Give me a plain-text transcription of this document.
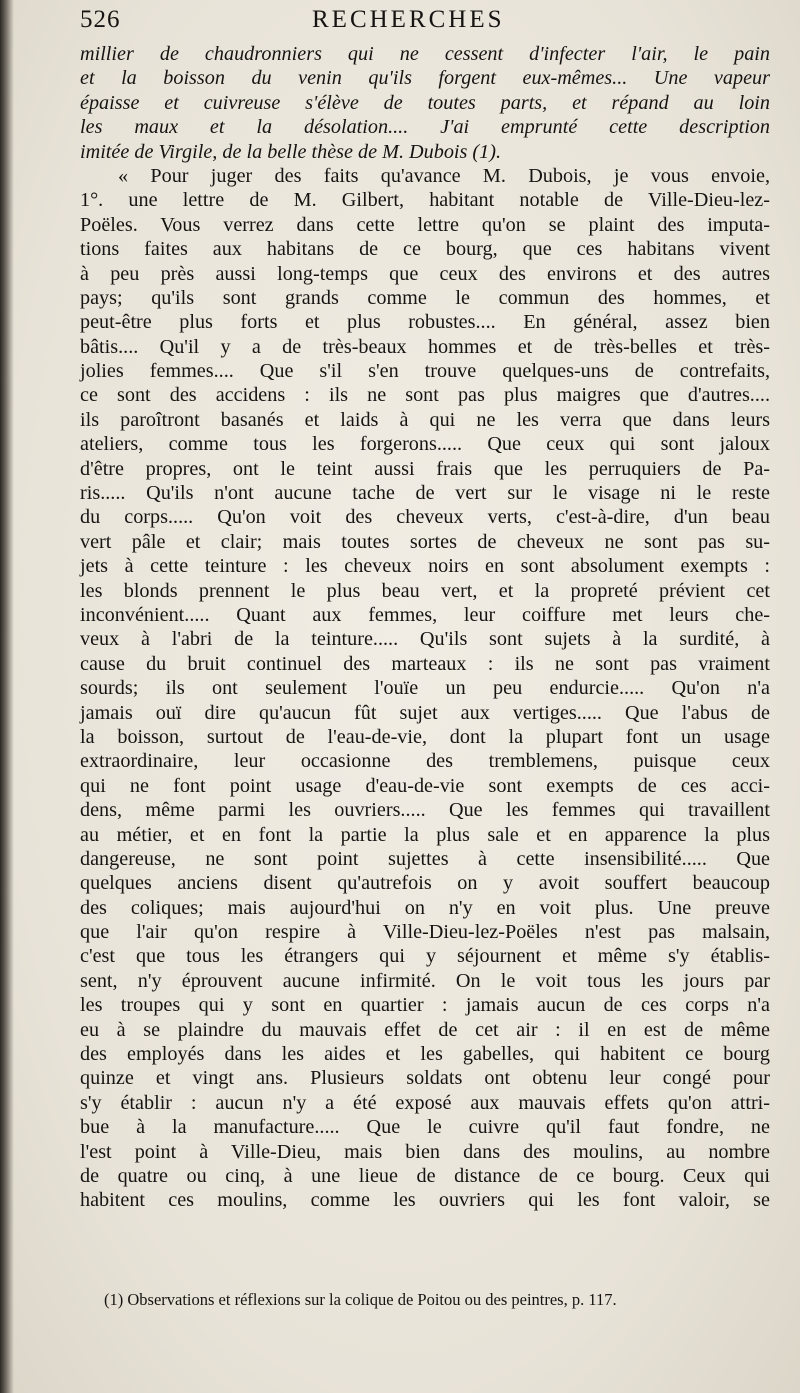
526	RECHERCHES
millier de chaudronniers qui ne cessent d'infecter l'air, le pain
et la boisson du venin qu'ils forgent eux-mêmes... Une vapeur
épaisse et cuivreuse s'élève de toutes parts, et répand au loin
les maux et la désolation.... J'ai emprunté cette description
imitée de Virgile, de la belle thèse de M. Dubois (1).
« Pour juger des faits qu'avance M. Dubois, je vous envoie,
1°. une lettre de M. Gilbert, habitant notable de Ville-Dieu-lez-
Poëles. Vous verrez dans cette lettre qu'on se plaint des imputa-
tions faites aux habitans de ce bourg, que ces habitans vivent
à peu près aussi long-temps que ceux des environs et des autres
pays; qu'ils sont grands comme le commun des hommes, et
peut-être plus forts et plus robustes.... En général, assez bien
bâtis.... Qu'il y a de très-beaux hommes et de très-belles et très-
jolies femmes.... Que s'il s'en trouve quelques-uns de contrefaits,
ce sont des accidens : ils ne sont pas plus maigres que d'autres....
ils paroîtront basanés et laids à qui ne les verra que dans leurs
ateliers, comme tous les forgerons..... Que ceux qui sont jaloux
d'être propres, ont le teint aussi frais que les perruquiers de Pa-
ris..... Qu'ils n'ont aucune tache de vert sur le visage ni le reste
du corps..... Qu'on voit des cheveux verts, c'est-à-dire, d'un beau
vert pâle et clair; mais toutes sortes de cheveux ne sont pas su-
jets à cette teinture : les cheveux noirs en sont absolument exempts :
les blonds prennent le plus beau vert, et la propreté prévient cet
inconvénient..... Quant aux femmes, leur coiffure met leurs che-
veux à l'abri de la teinture..... Qu'ils sont sujets à la surdité, à
cause du bruit continuel des marteaux : ils ne sont pas vraiment
sourds; ils ont seulement l'ouïe un peu endurcie..... Qu'on n'a
jamais ouï dire qu'aucun fût sujet aux vertiges..... Que l'abus de
la boisson, surtout de l'eau-de-vie, dont la plupart font un usage
extraordinaire, leur occasionne des tremblemens, puisque ceux
qui ne font point usage d'eau-de-vie sont exempts de ces acci-
dens, même parmi les ouvriers..... Que les femmes qui travaillent
au métier, et en font la partie la plus sale et en apparence la plus
dangereuse, ne sont point sujettes à cette insensibilité..... Que
quelques anciens disent qu'autrefois on y avoit souffert beaucoup
des coliques; mais aujourd'hui on n'y en voit plus. Une preuve
que l'air qu'on respire à Ville-Dieu-lez-Poëles n'est pas malsain,
c'est que tous les étrangers qui y séjournent et même s'y établis-
sent, n'y éprouvent aucune infirmité. On le voit tous les jours par
les troupes qui y sont en quartier : jamais aucun de ces corps n'a
eu à se plaindre du mauvais effet de cet air : il en est de même
des employés dans les aides et les gabelles, qui habitent ce bourg
quinze et vingt ans. Plusieurs soldats ont obtenu leur congé pour
s'y établir : aucun n'y a été exposé aux mauvais effets qu'on attri-
bue à la manufacture..... Que le cuivre qu'il faut fondre, ne
l'est point à Ville-Dieu, mais bien dans des moulins, au nombre
de quatre ou cinq, à une lieue de distance de ce bourg. Ceux qui
habitent ces moulins, comme les ouvriers qui les font valoir, se
(1) Observations et réflexions sur la colique de Poitou ou des peintres, p. 117.
